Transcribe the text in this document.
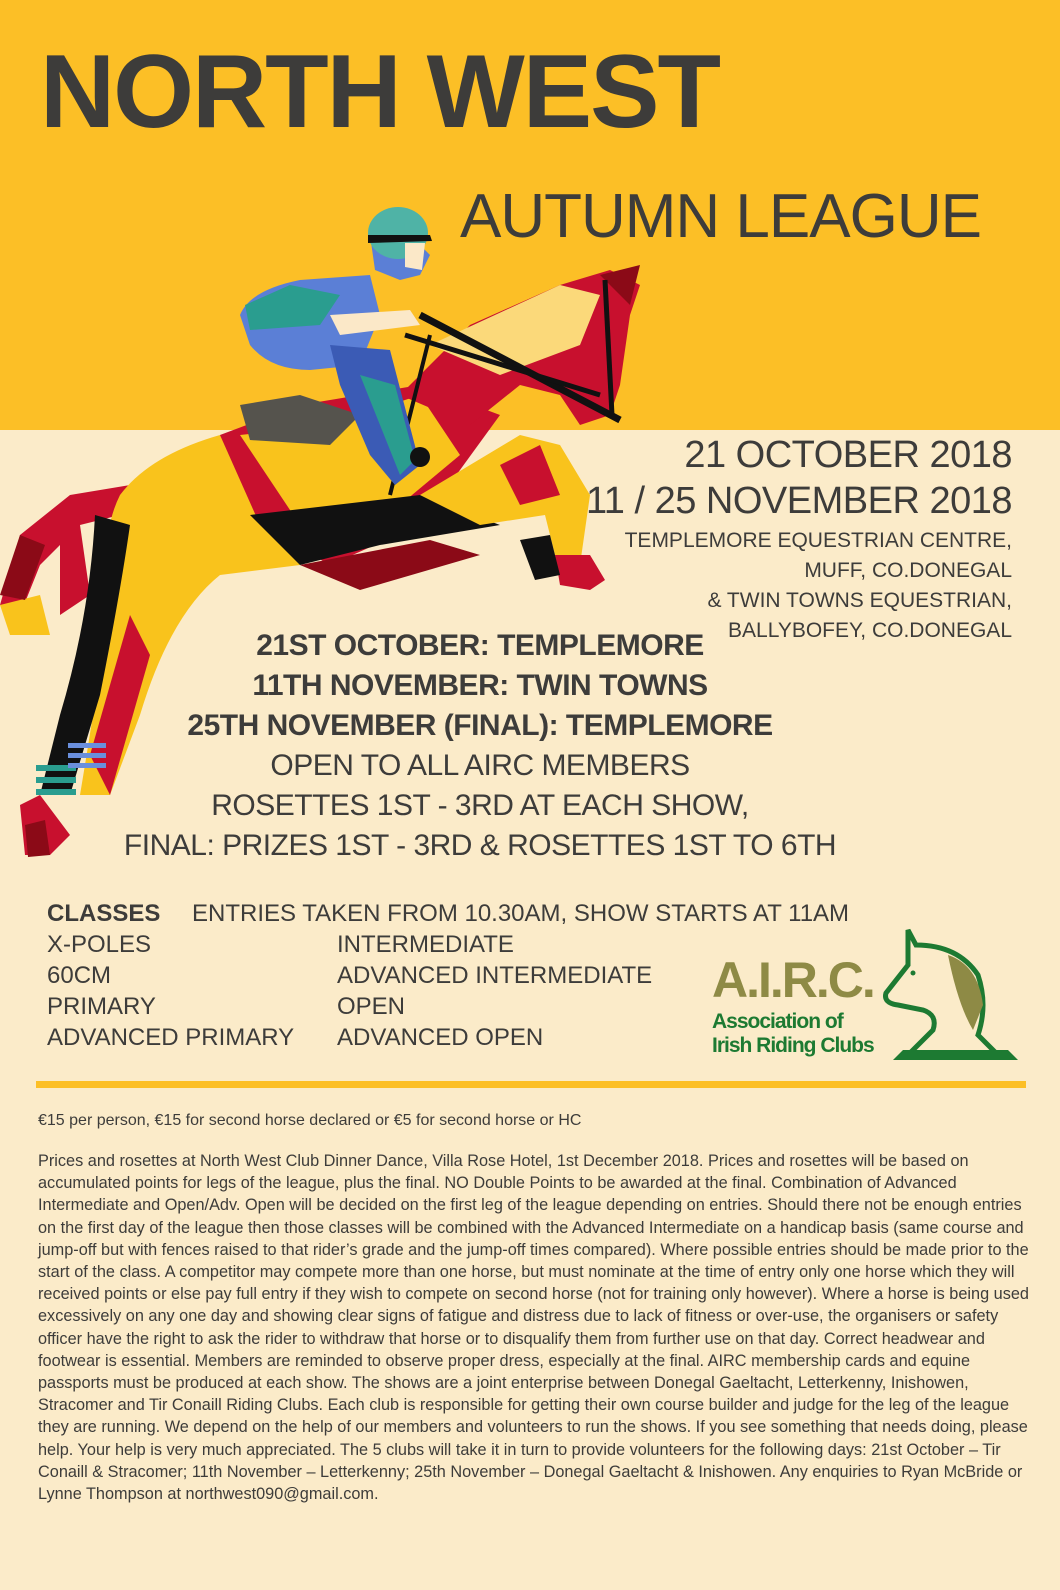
NORTH WEST
AUTUMN LEAGUE
21 OCTOBER 2018
11 / 25 NOVEMBER 2018
TEMPLEMORE EQUESTRIAN CENTRE,
MUFF, CO.DONEGAL
& TWIN TOWNS EQUESTRIAN,
BALLYBOFEY, CO.DONEGAL
21ST OCTOBER: TEMPLEMORE
11TH NOVEMBER: TWIN TOWNS
25TH NOVEMBER (FINAL): TEMPLEMORE
OPEN TO ALL AIRC MEMBERS
ROSETTES 1ST - 3RD AT EACH SHOW,
FINAL: PRIZES 1ST - 3RD & ROSETTES 1ST TO 6TH
CLASSES ENTRIES TAKEN FROM 10.30AM, SHOW STARTS AT 11AM
X-POLES	INTERMEDIATE
60CM	ADVANCED INTERMEDIATE
PRIMARY	OPEN
ADVANCED PRIMARY	ADVANCED OPEN
A.I.R.C.
Association of
Irish Riding Clubs
€15 per person, €15 for second horse declared or €5 for second horse or HC
Prices and rosettes at North West Club Dinner Dance, Villa Rose Hotel, 1st December 2018. Prices and rosettes will be based on accumulated points for legs of the league, plus the final. NO Double Points to be awarded at the final. Combination of Advanced Intermediate and Open/Adv. Open will be decided on the first leg of the league depending on entries. Should there not be enough entries on the first day of the league then those classes will be combined with the Advanced Intermediate on a handicap basis (same course and jump-off but with fences raised to that rider’s grade and the jump-off times compared). Where possible entries should be made prior to the start of the class. A competitor may compete more than one horse, but must nominate at the time of entry only one horse which they will received points or else pay full entry if they wish to compete on second horse (not for training only however). Where a horse is being used excessively on any one day and showing clear signs of fatigue and distress due to lack of fitness or over-use, the organisers or safety officer have the right to ask the rider to withdraw that horse or to disqualify them from further use on that day. Correct headwear and footwear is essential. Members are reminded to observe proper dress, especially at the final. AIRC membership cards and equine passports must be produced at each show. The shows are a joint enterprise between Donegal Gaeltacht, Letterkenny, Inishowen, Stracomer and Tir Conaill Riding Clubs. Each club is responsible for getting their own course builder and judge for the leg of the league they are running. We depend on the help of our members and volunteers to run the shows. If you see something that needs doing, please help. Your help is very much appreciated. The 5 clubs will take it in turn to provide volunteers for the following days: 21st October – Tir Conaill & Stracomer; 11th November – Letterkenny; 25th November – Donegal Gaeltacht & Inishowen. Any enquiries to Ryan McBride or Lynne Thompson at northwest090@gmail.com.
